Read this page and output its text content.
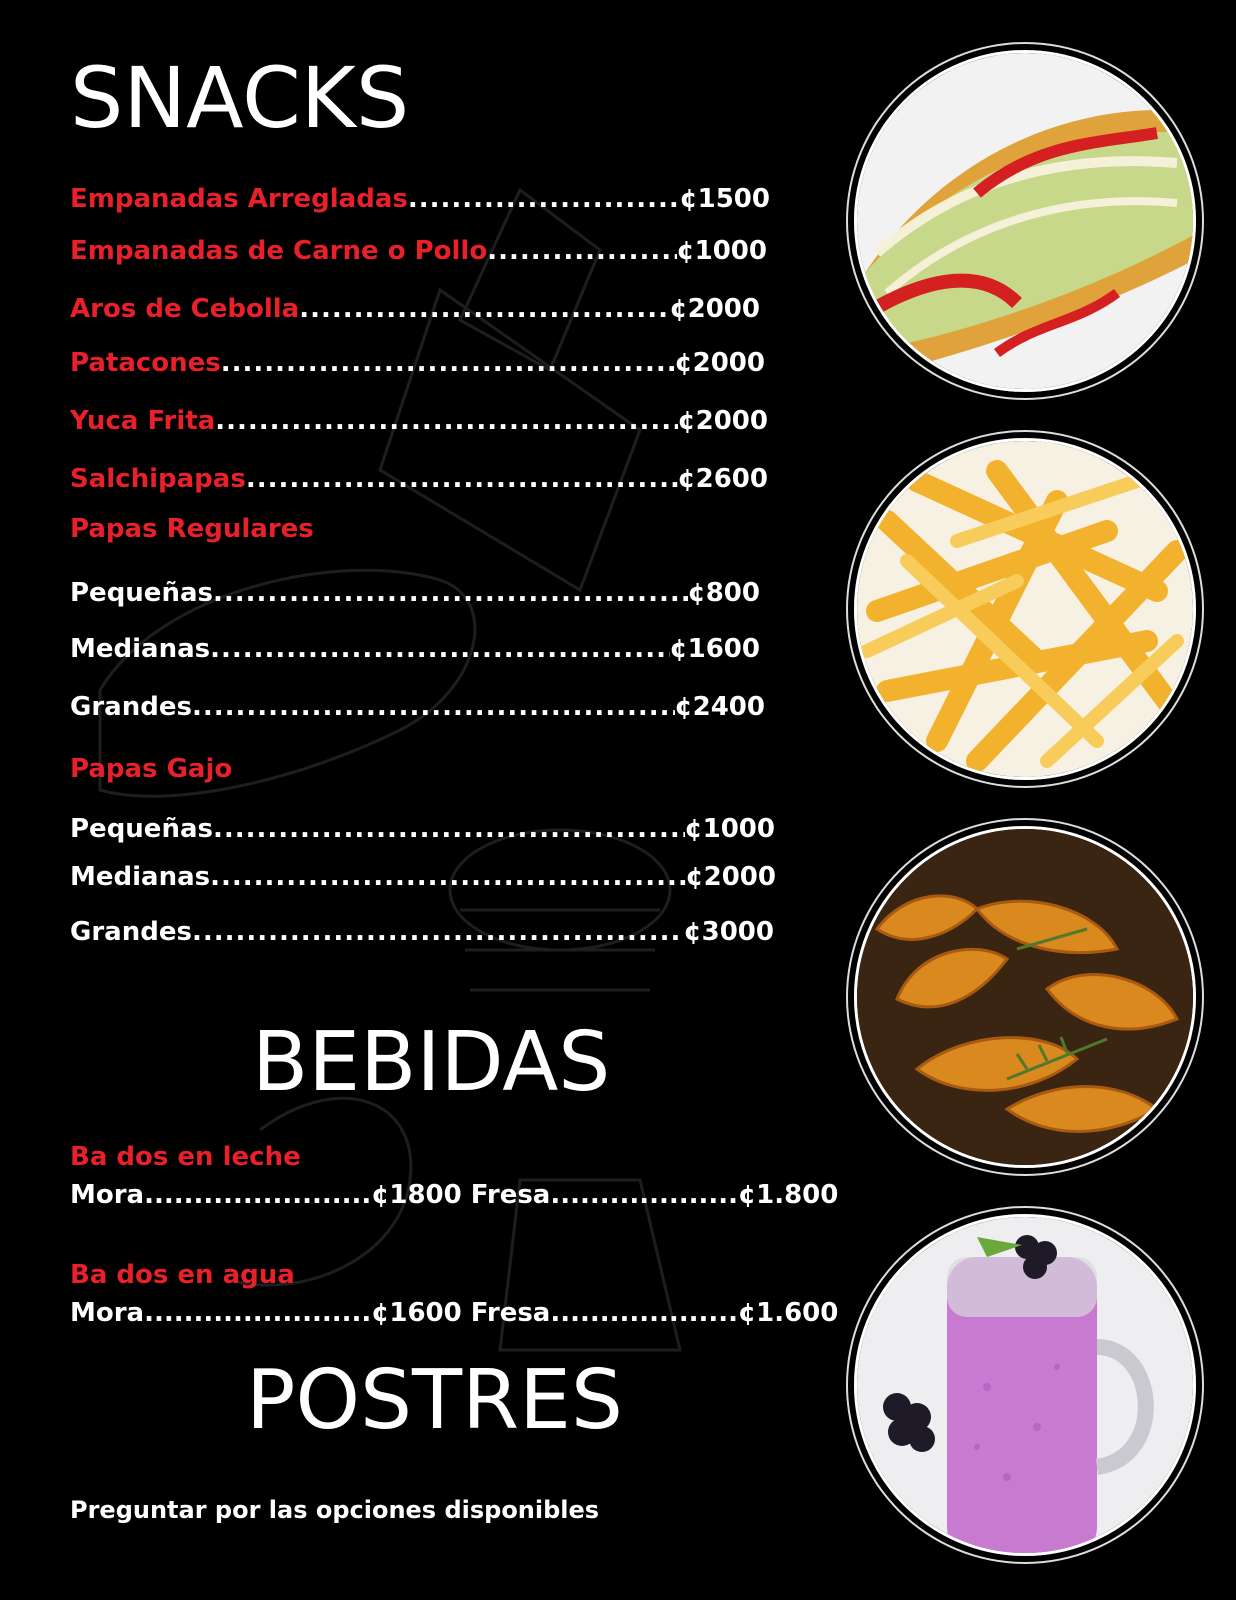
SNACKS
Empanadas Arregladas .....	¢1500
Empanadas de Carne o Pollo .....	¢1000
Aros de Cebolla .....	¢2000
Patacones .....	¢2000
Yuca Frita .....	¢2000
Salchipapas .....	¢2600
Papas Regulares
Pequeñas .....	¢800
Medianas .....	¢1600
Grandes .....	¢2400
Papas Gajo
Pequeñas .....	¢1000
Medianas .....	¢2000
Grandes .....	¢3000
BEBIDAS
Ba dos en leche
Mora.......................¢1800 Fresa...................¢1.800
Ba dos en agua
Mora.......................¢1600 Fresa...................¢1.600
POSTRES
Preguntar por las opciones disponibles
